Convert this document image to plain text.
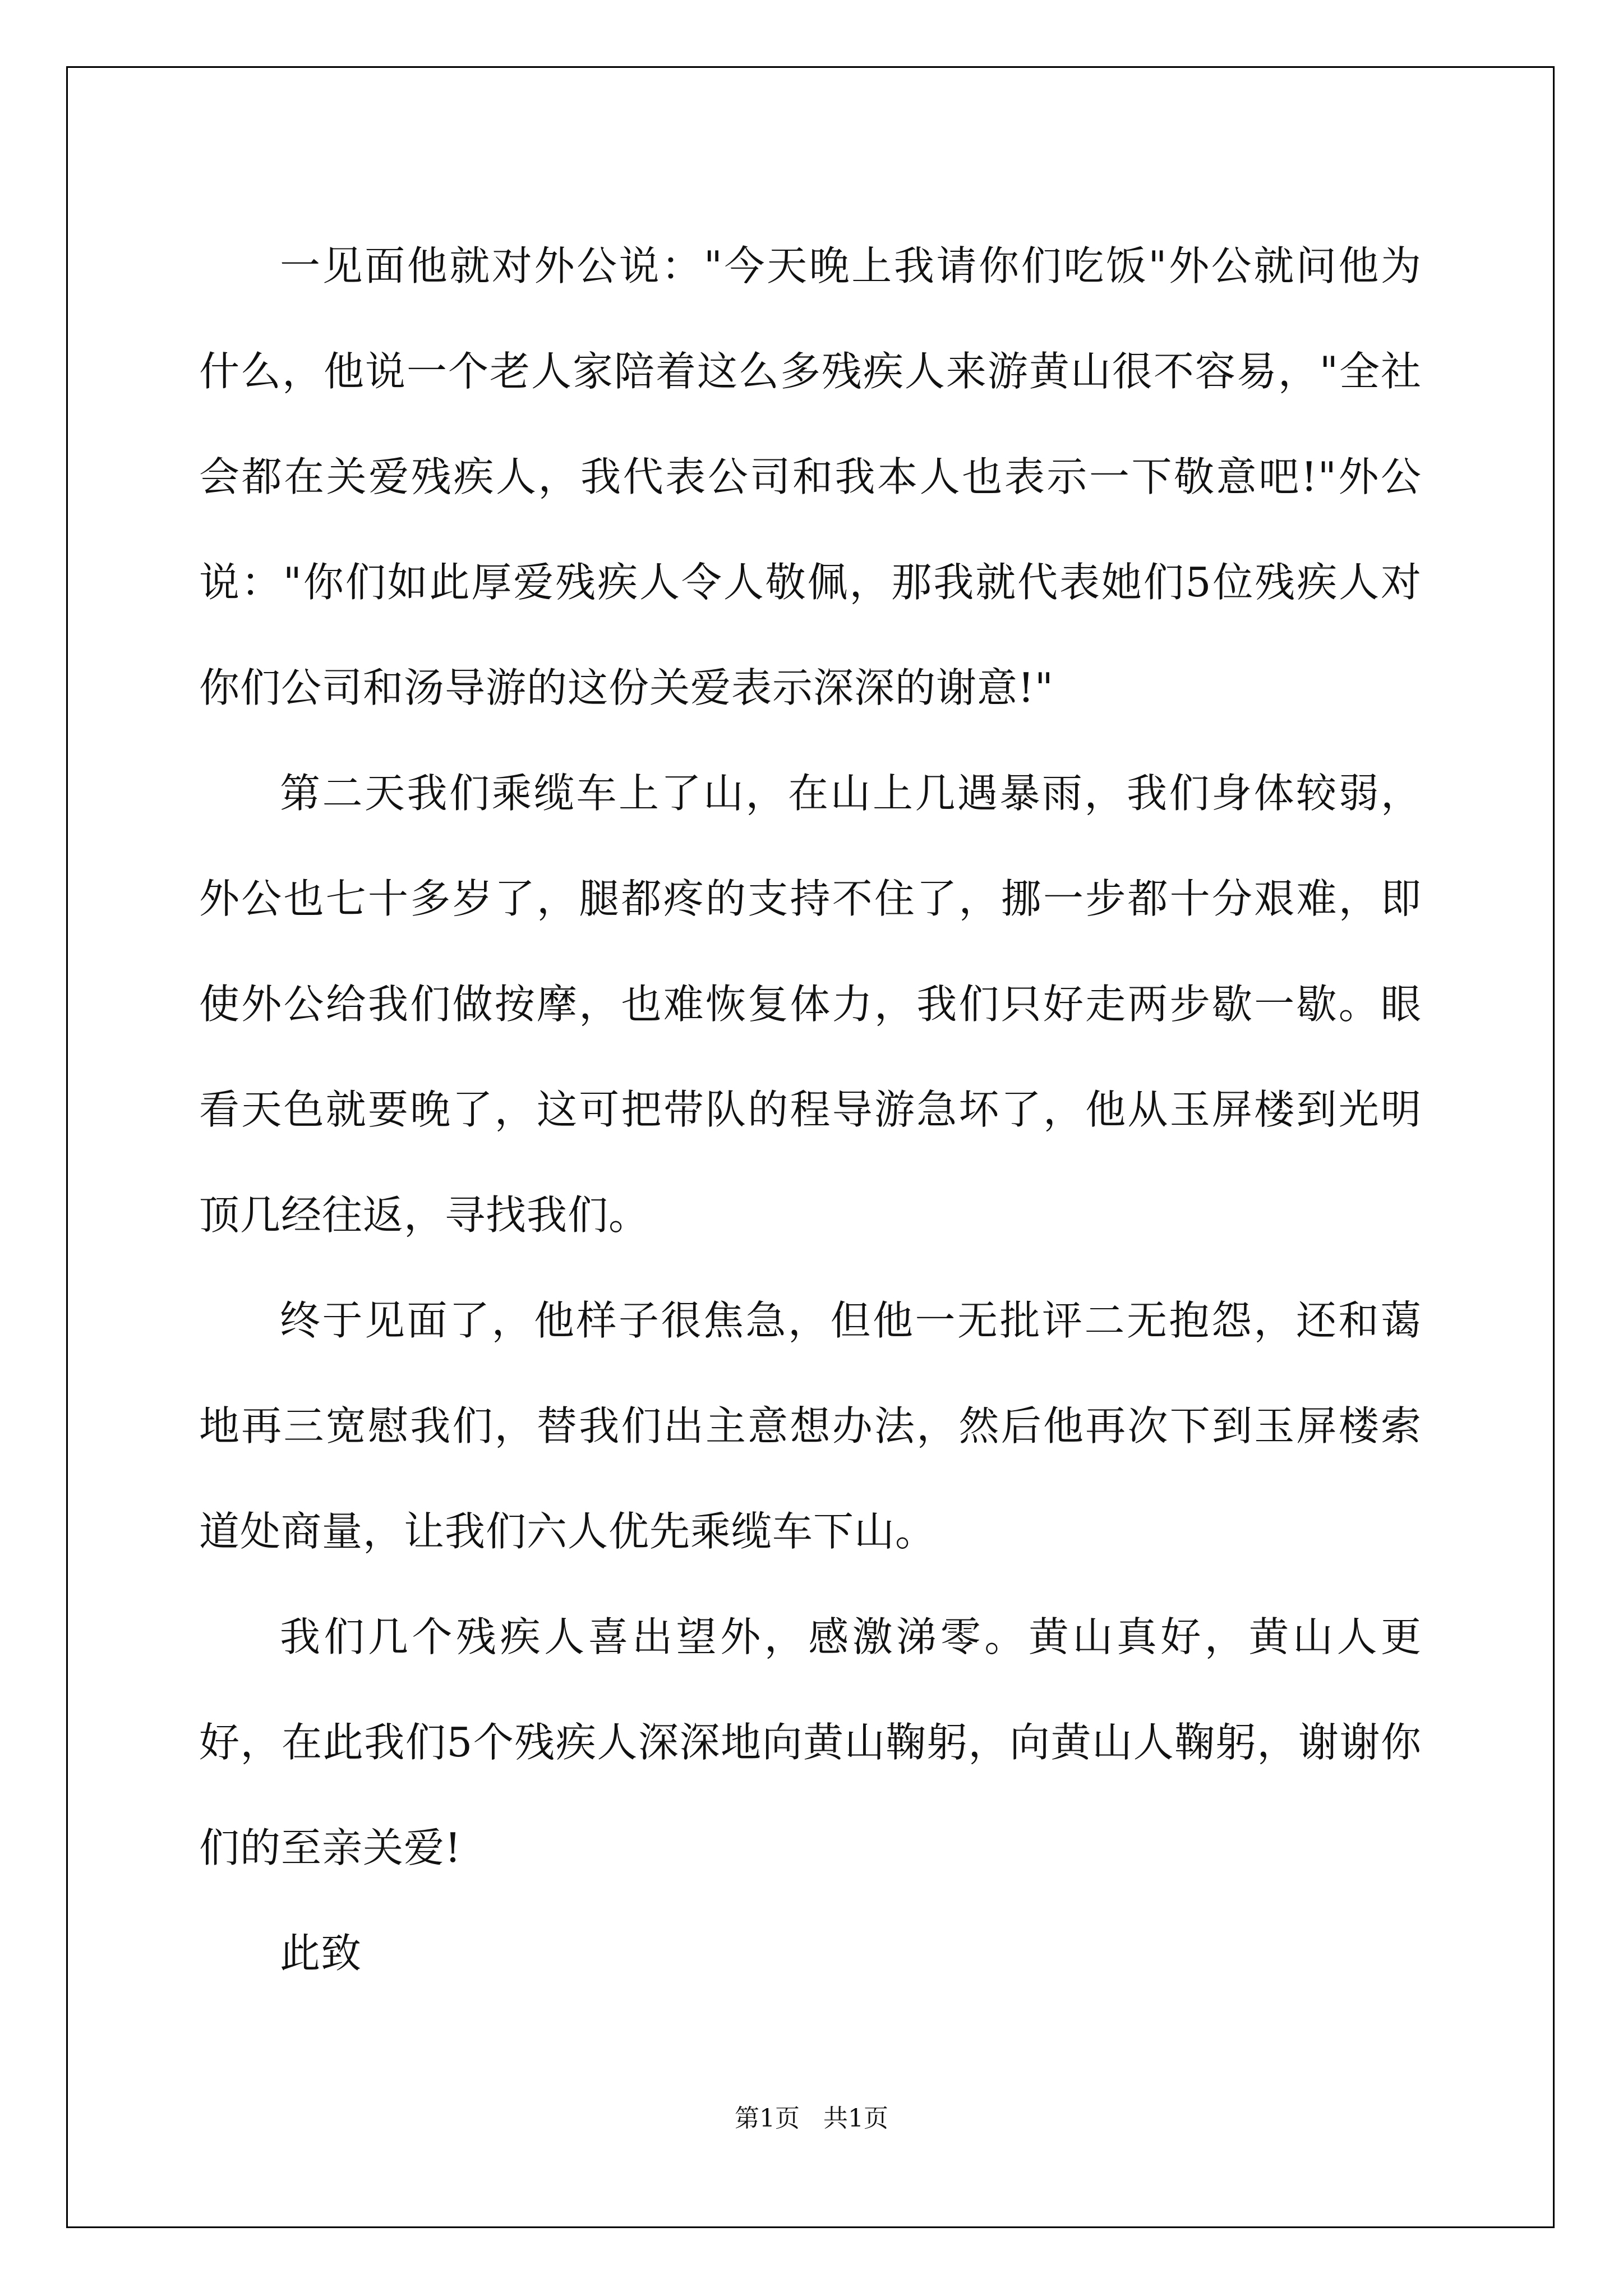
一见面他就对外公说："今天晚上我请你们吃饭"外公就问他为什么，他说一个老人家陪着这么多残疾人来游黄山很不容易，"全社会都在关爱残疾人，我代表公司和我本人也表示一下敬意吧!"外公说："你们如此厚爱残疾人令人敬佩，那我就代表她们5位残疾人对你们公司和汤导游的这份关爱表示深深的谢意!"

第二天我们乘缆车上了山，在山上几遇暴雨，我们身体较弱，外公也七十多岁了，腿都疼的支持不住了，挪一步都十分艰难，即使外公给我们做按摩，也难恢复体力，我们只好走两步歇一歇。眼看天色就要晚了，这可把带队的程导游急坏了，他从玉屏楼到光明顶几经往返，寻找我们。

终于见面了，他样子很焦急，但他一无批评二无抱怨，还和蔼地再三宽慰我们，替我们出主意想办法，然后他再次下到玉屏楼索道处商量，让我们六人优先乘缆车下山。

我们几个残疾人喜出望外，感激涕零。黄山真好，黄山人更好，在此我们5个残疾人深深地向黄山鞠躬，向黄山人鞠躬，谢谢你们的至亲关爱!

此致

第1页   共1页
